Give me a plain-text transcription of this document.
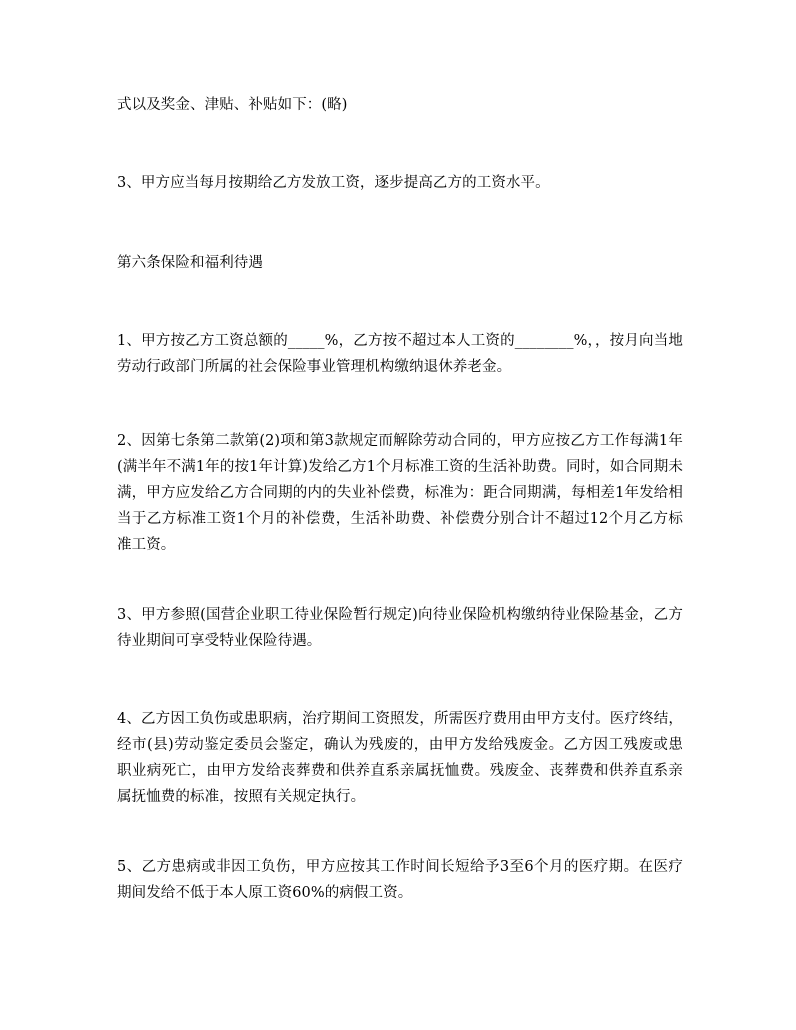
式以及奖金、津贴、补贴如下：(略)

3、甲方应当每月按期给乙方发放工资，逐步提高乙方的工资水平。

第六条保险和福利待遇

1、甲方按乙方工资总额的_____%，乙方按不超过本人工资的________%，，按月向当地劳动行政部门所属的社会保险事业管理机构缴纳退休养老金。

2、因第七条第二款第(2)项和第3款规定而解除劳动合同的，甲方应按乙方工作每满1年(满半年不满1年的按1年计算)发给乙方1个月标准工资的生活补助费。同时，如合同期未满，甲方应发给乙方合同期的内的失业补偿费，标准为：距合同期满，每相差1年发给相当于乙方标准工资1个月的补偿费，生活补助费、补偿费分别合计不超过12个月乙方标准工资。

3、甲方参照(国营企业职工待业保险暂行规定)向待业保险机构缴纳待业保险基金，乙方待业期间可享受特业保险待遇。

4、乙方因工负伤或患职病，治疗期间工资照发，所需医疗费用由甲方支付。医疗终结，经市(县)劳动鉴定委员会鉴定，确认为残废的，由甲方发给残废金。乙方因工残废或患职业病死亡，由甲方发给丧葬费和供养直系亲属抚恤费。残废金、丧葬费和供养直系亲属抚恤费的标准，按照有关规定执行。

5、乙方患病或非因工负伤，甲方应按其工作时间长短给予3至6个月的医疗期。在医疗期间发给不低于本人原工资60%的病假工资。
